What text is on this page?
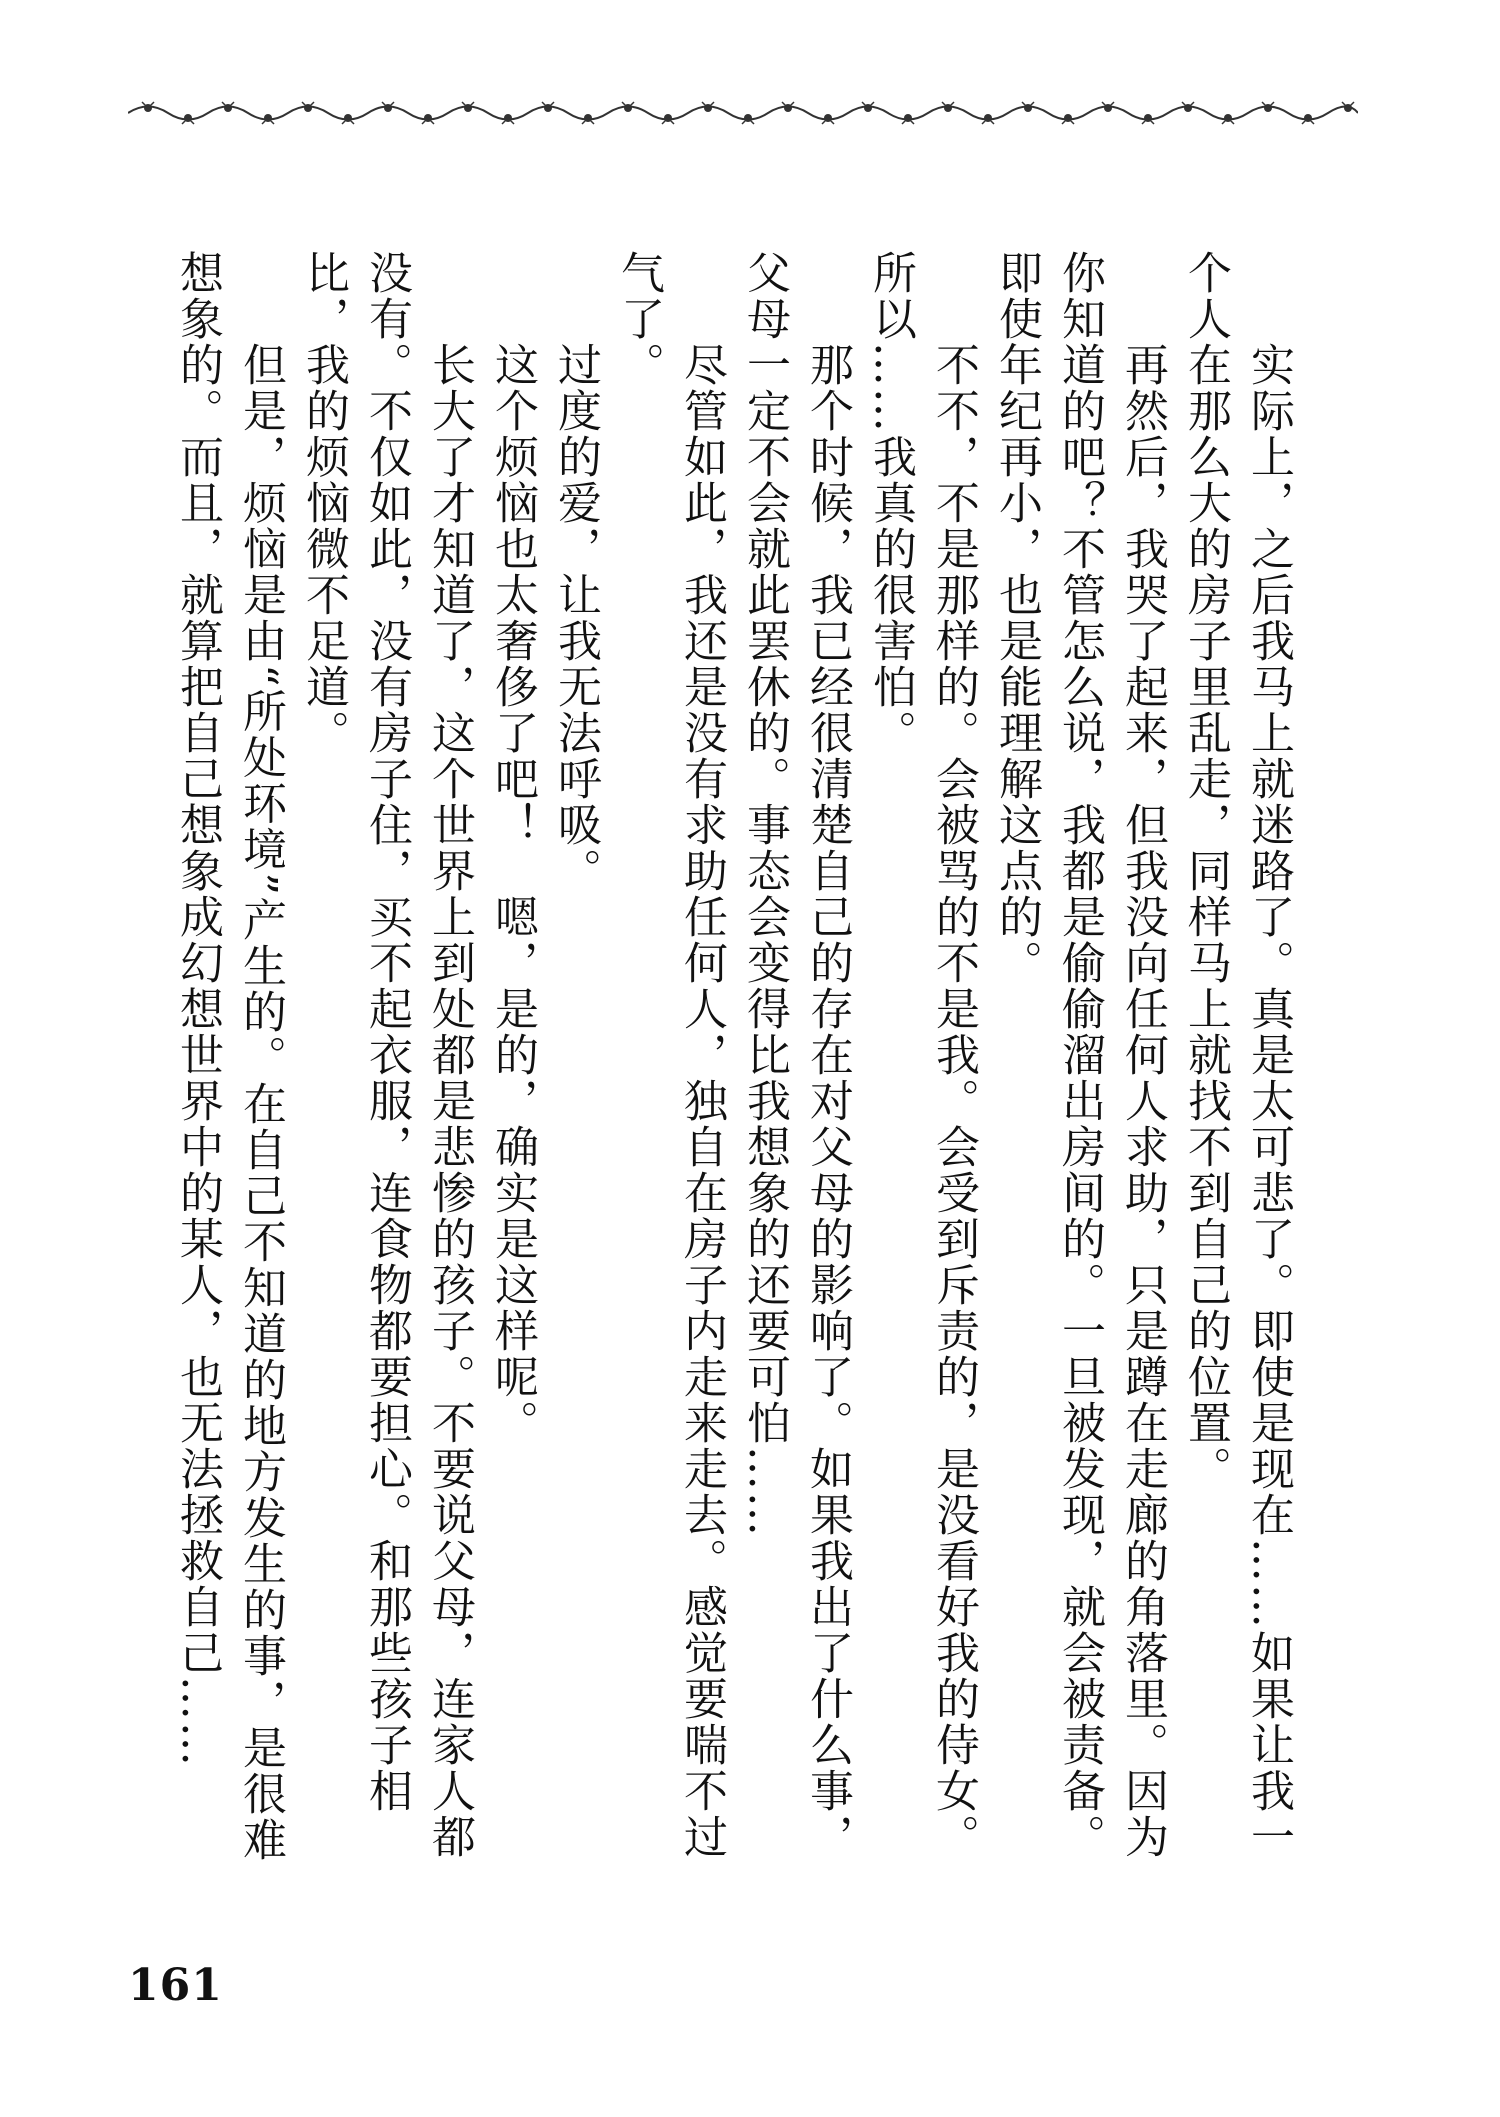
实际上，之后我马上就迷路了。真是太可悲了。即使是现在……如果让我一个人在那么大的房子里乱走，同样马上就找不到自己的位置。

再然后，我哭了起来，但我没向任何人求助，只是蹲在走廊的角落里。因为你知道的吧？不管怎么说，我都是偷偷溜出房间的。一旦被发现，就会被责备。即使年纪再小，也是能理解这点的。

不不，不是那样的。会被骂的不是我。会受到斥责的，是没看好我的侍女。所以……我真的很害怕。

那个时候，我已经很清楚自己的存在对父母的影响了。如果我出了什么事，父母一定不会就此罢休的。事态会变得比我想象的还要可怕……

尽管如此，我还是没有求助任何人，独自在房子内走来走去。感觉要喘不过气了。

过度的爱，让我无法呼吸。

这个烦恼也太奢侈了吧！　嗯，是的，确实是这样呢。

长大了才知道了，这个世界上到处都是悲惨的孩子。不要说父母，连家人都没有。不仅如此，没有房子住，买不起衣服，连食物都要担心。和那些孩子相比，我的烦恼微不足道。

但是，烦恼是由“所处环境”产生的。在自己不知道的地方发生的事，是很难想象的。而且，就算把自己想象成幻想世界中的某人，也无法拯救自己……

161
